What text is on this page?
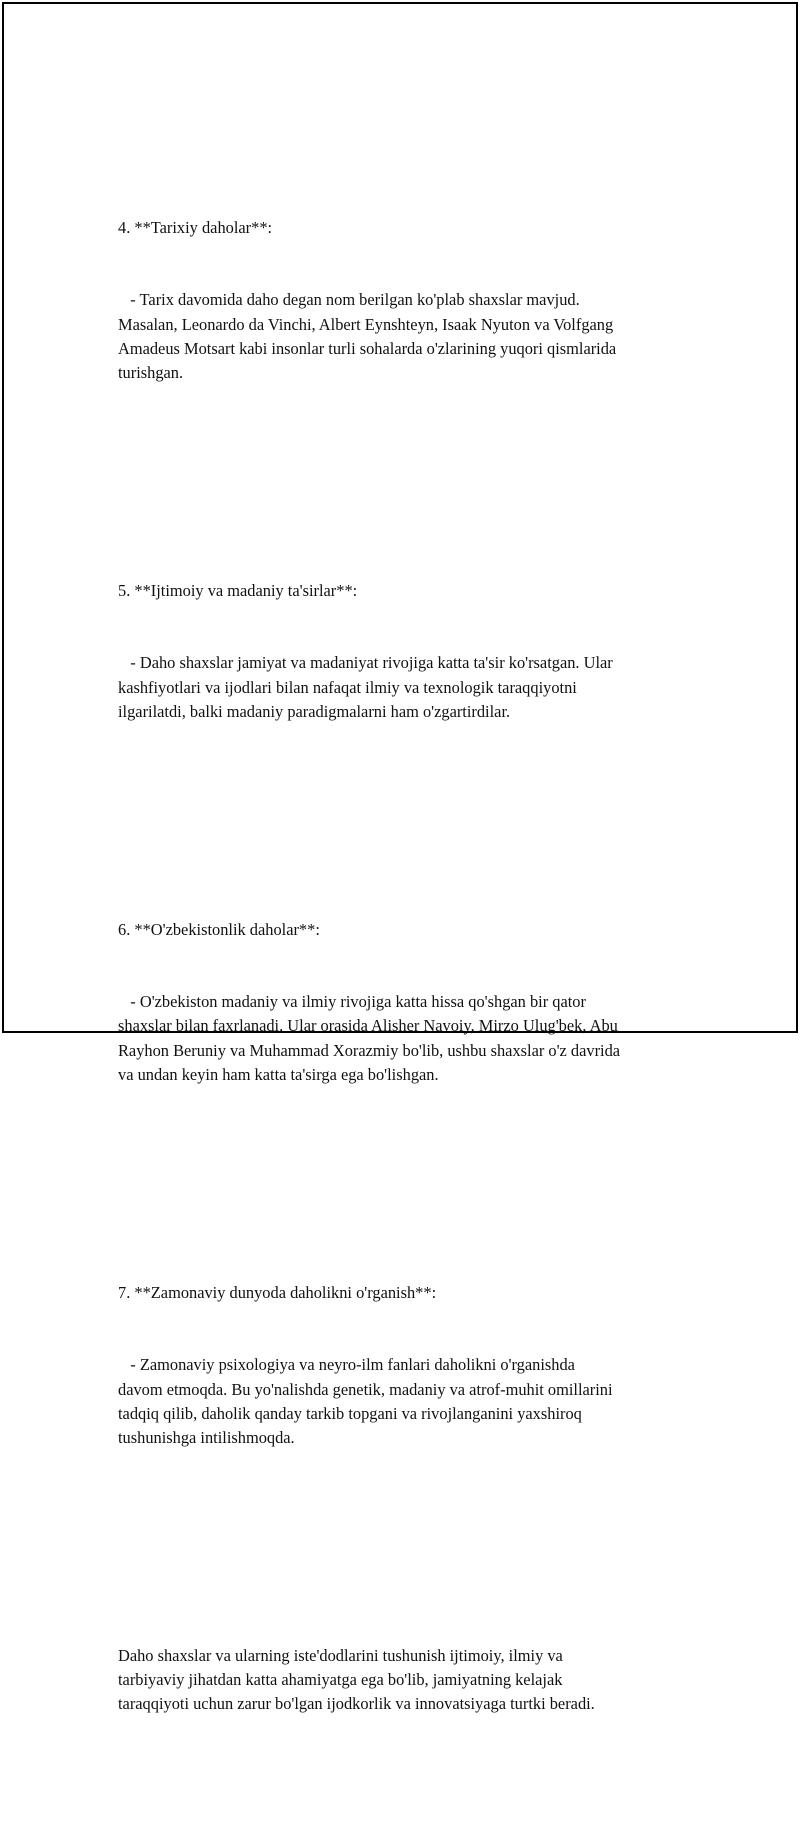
4. **Tarixiy daholar**:

- Tarix davomida daho degan nom berilgan ko'plab shaxslar mavjud.
Masalan, Leonardo da Vinchi, Albert Eynshteyn, Isaak Nyuton va Volfgang
Amadeus Motsart kabi insonlar turli sohalarda o'zlarining yuqori qismlarida
turishgan.

5. **Ijtimoiy va madaniy ta'sirlar**:

- Daho shaxslar jamiyat va madaniyat rivojiga katta ta'sir ko'rsatgan. Ular
kashfiyotlari va ijodlari bilan nafaqat ilmiy va texnologik taraqqiyotni
ilgarilatdi, balki madaniy paradigmalarni ham o'zgartirdilar.

6. **O'zbekistonlik daholar**:

- O'zbekiston madaniy va ilmiy rivojiga katta hissa qo'shgan bir qator
shaxslar bilan faxrlanadi. Ular orasida Alisher Navoiy, Mirzo Ulug'bek, Abu
Rayhon Beruniy va Muhammad Xorazmiy bo'lib, ushbu shaxslar o'z davrida
va undan keyin ham katta ta'sirga ega bo'lishgan.

7. **Zamonaviy dunyoda daholikni o'rganish**:

- Zamonaviy psixologiya va neyro-ilm fanlari daholikni o'rganishda
davom etmoqda. Bu yo'nalishda genetik, madaniy va atrof-muhit omillarini
tadqiq qilib, daholik qanday tarkib topgani va rivojlanganini yaxshiroq
tushunishga intilishmoqda.

Daho shaxslar va ularning iste'dodlarini tushunish ijtimoiy, ilmiy va
tarbiyaviy jihatdan katta ahamiyatga ega bo'lib, jamiyatning kelajak
taraqqiyoti uchun zarur bo'lgan ijodkorlik va innovatsiyaga turtki beradi.
